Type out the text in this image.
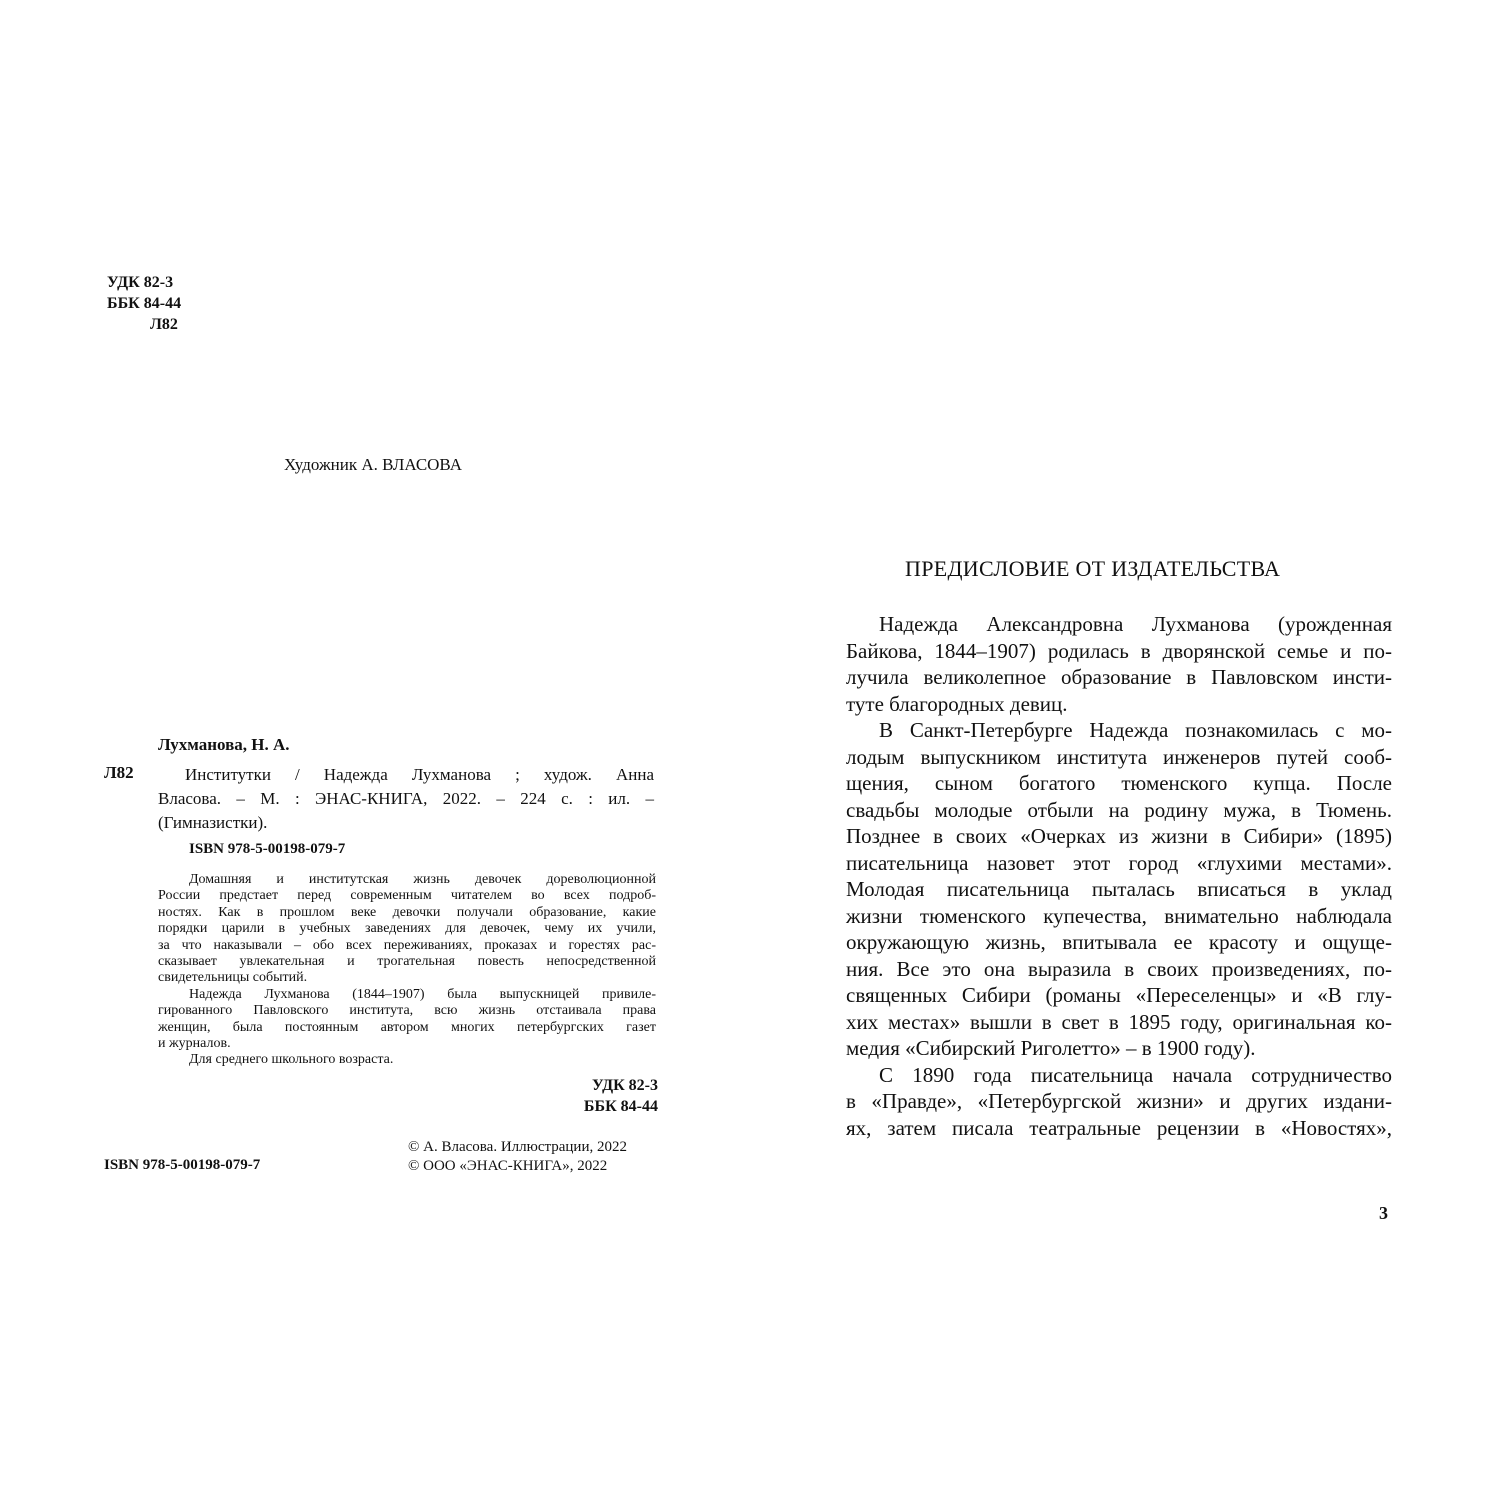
УДК 82-3
ББК 84-44
Л82
Художник А. ВЛАСОВА
Лухманова, Н. А.
Л82	Институтки / Надежда Лухманова ; худож. Анна
Власова. – М. : ЭНАС-КНИГА, 2022. – 224 с. : ил. –
(Гимназистки).
ISBN 978-5-00198-079-7
Домашняя и институтская жизнь девочек дореволюционной
России предстает перед современным читателем во всех подроб-
ностях. Как в прошлом веке девочки получали образование, какие
порядки царили в учебных заведениях для девочек, чему их учили,
за что наказывали – обо всех переживаниях, проказах и горестях рас-
сказывает увлекательная и трогательная повесть непосредственной
свидетельницы событий.
Надежда Лухманова (1844–1907) была выпускницей привиле-
гированного Павловского института, всю жизнь отстаивала права
женщин, была постоянным автором многих петербургских газет
и журналов.
Для среднего школьного возраста.
УДК 82-3
ББК 84-44
© А. Власова. Иллюстрации, 2022
© ООО «ЭНАС-КНИГА», 2022
ISBN 978-5-00198-079-7
ПРЕДИСЛОВИЕ ОТ ИЗДАТЕЛЬСТВА
Надежда Александровна Лухманова (урожденная
Байкова, 1844–1907) родилась в дворянской семье и по-
лучила великолепное образование в Павловском инсти-
туте благородных девиц.
В Санкт-Петербурге Надежда познакомилась с мо-
лодым выпускником института инженеров путей сооб-
щения, сыном богатого тюменского купца. После
свадьбы молодые отбыли на родину мужа, в Тюмень.
Позднее в своих «Очерках из жизни в Сибири» (1895)
писательница назовет этот город «глухими местами».
Молодая писательница пыталась вписаться в уклад
жизни тюменского купечества, внимательно наблюдала
окружающую жизнь, впитывала ее красоту и ощуще-
ния. Все это она выразила в своих произведениях, по-
священных Сибири (романы «Переселенцы» и «В глу-
хих местах» вышли в свет в 1895 году, оригинальная ко-
медия «Сибирский Риголетто» – в 1900 году).
С 1890 года писательница начала сотрудничество
в «Правде», «Петербургской жизни» и других издани-
ях, затем писала театральные рецензии в «Новостях»,
3
